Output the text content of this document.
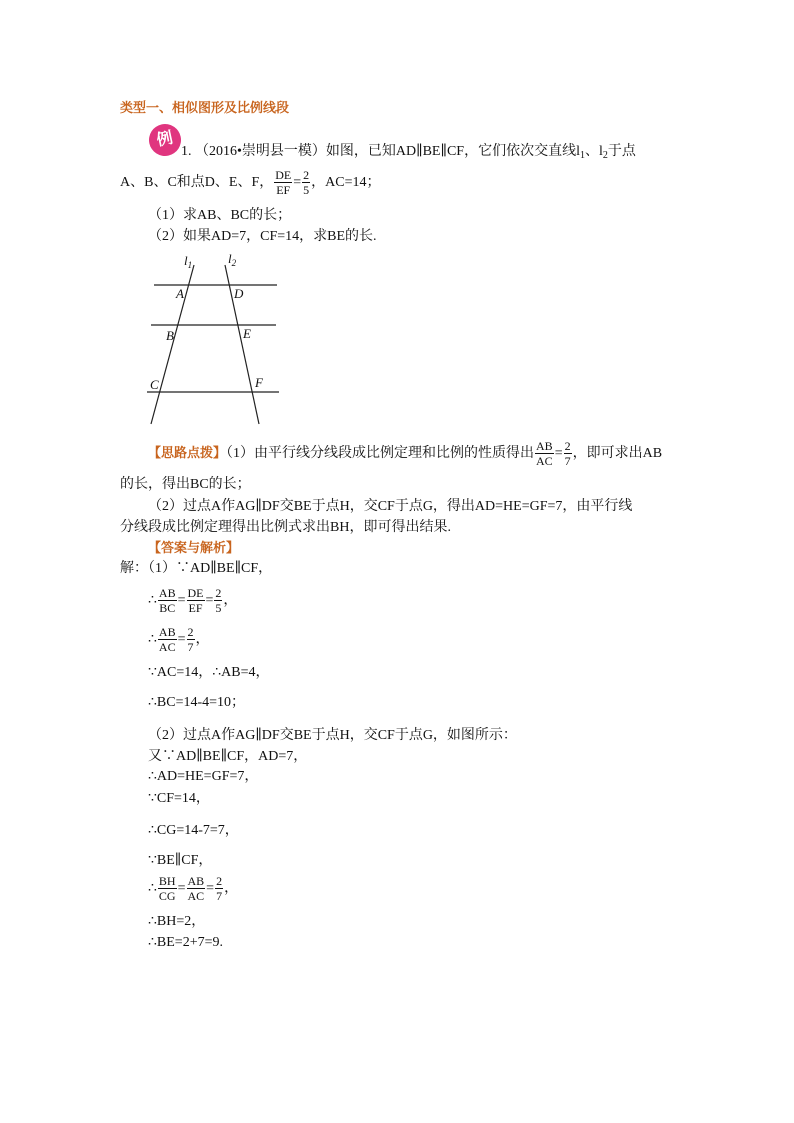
类型一、相似图形及比例线段
例
1. （2016•崇明县一模）如图，已知AD∥BE∥CF，它们依次交直线$l_1$、$l_2$于点
A、B、C和点D、E、F， $\frac{DE}{EF} = \frac{2}{5}$ ，AC=14；
（1）求AB、BC的长；
（2）如果AD=7，CF=14，求BE的长.
$l_1$	$l_2$
A	D
B	E
C	F
【思路点拨】（1）由平行线分线段成比例定理和比例的性质得出 $\frac{AB}{AC} = \frac{2}{7}$ ，即可求出AB
的长，得出BC的长；
（2）过点A作AG∥DF交BE于点H，交CF于点G，得出AD=HE=GF=7，由平行线
分线段成比例定理得出比例式求出BH，即可得出结果.
【答案与解析】
解：（1）∵AD∥BE∥CF，
∴ $\frac{AB}{BC} = \frac{DE}{EF} = \frac{2}{5}$ ，
∴ $\frac{AB}{AC} = \frac{2}{7}$ ，
∵AC=14，∴AB=4，
∴BC=14-4=10；
（2）过点A作AG∥DF交BE于点H，交CF于点G，如图所示：
又∵AD∥BE∥CF，AD=7，
∴AD=HE=GF=7，
∵CF=14，
∴CG=14-7=7，
∵BE∥CF，
∴ $\frac{BH}{CG} = \frac{AB}{AC} = \frac{2}{7}$ ，
∴BH=2，
∴BE=2+7=9.
